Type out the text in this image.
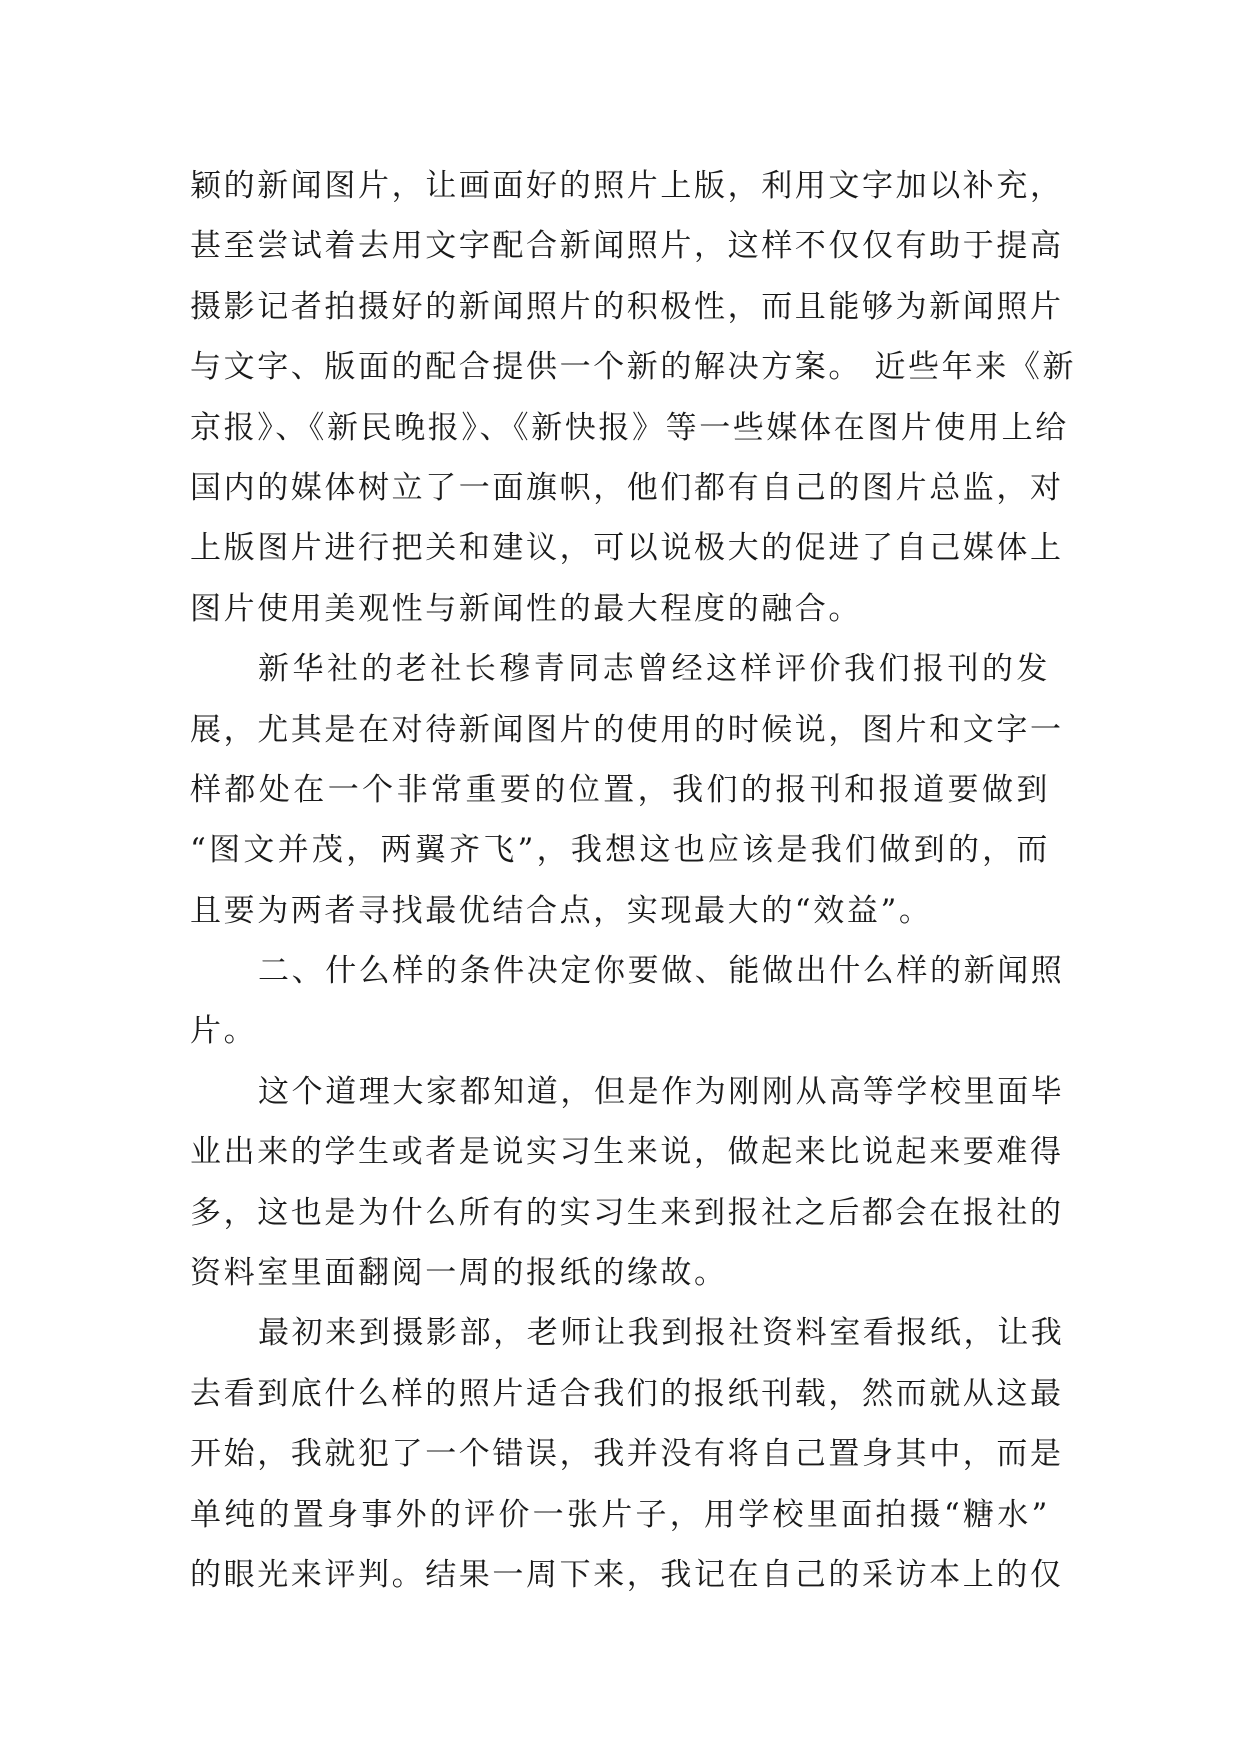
颖的新闻图片，让画面好的照片上版，利用文字加以补充，
甚至尝试着去用文字配合新闻照片，这样不仅仅有助于提高
摄影记者拍摄好的新闻照片的积极性，而且能够为新闻照片
与文字、版面的配合提供一个新的解决方案。 近些年来《新
京报》、《新民晚报》、《新快报》等一些媒体在图片使用上给
国内的媒体树立了一面旗帜，他们都有自己的图片总监，对
上版图片进行把关和建议，可以说极大的促进了自己媒体上
图片使用美观性与新闻性的最大程度的融合。
新华社的老社长穆青同志曾经这样评价我们报刊的发
展，尤其是在对待新闻图片的使用的时候说，图片和文字一
样都处在一个非常重要的位置，我们的报刊和报道要做到
“图文并茂，两翼齐飞”，我想这也应该是我们做到的，而
且要为两者寻找最优结合点，实现最大的“效益”。
二、什么样的条件决定你要做、能做出什么样的新闻照
片。
这个道理大家都知道，但是作为刚刚从高等学校里面毕
业出来的学生或者是说实习生来说，做起来比说起来要难得
多，这也是为什么所有的实习生来到报社之后都会在报社的
资料室里面翻阅一周的报纸的缘故。
最初来到摄影部，老师让我到报社资料室看报纸，让我
去看到底什么样的照片适合我们的报纸刊载，然而就从这最
开始，我就犯了一个错误，我并没有将自己置身其中，而是
单纯的置身事外的评价一张片子，用学校里面拍摄“糖水”
的眼光来评判。结果一周下来，我记在自己的采访本上的仅
